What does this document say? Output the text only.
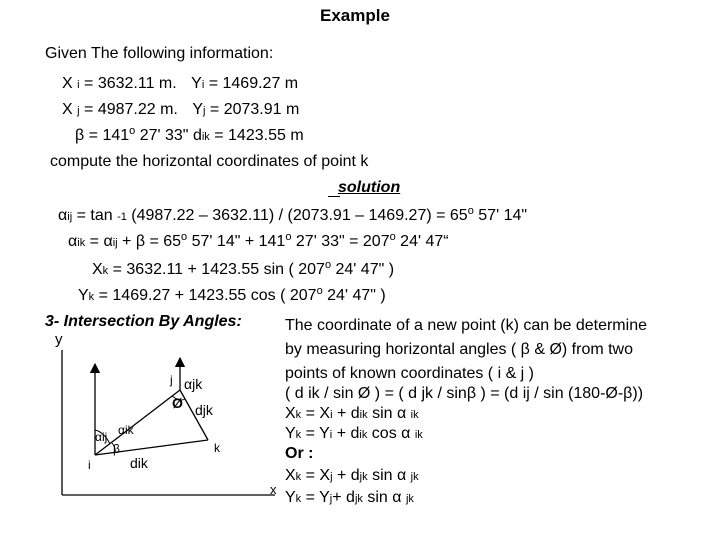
Example
Given The following information:
X i = 3632.11 m. Yi = 1469.27 m
X j = 4987.22 m. Yj = 2073.91 m
$\beta = 141^o$ 27' 33" dik = 1423.55 m
compute the horizontal coordinates of point k
solution
αij = tan -1 $(4987.22 - 3632.11) / (2073.91 - 1469.27) = 65^o$ 57' 14"
$\alpha ik = \alpha ij + \beta = 65^o$ 57' 14" + $141^o$ 27' 33" = $207^o$ 24' 47“
Xk = 3632.11 + 1423.55 sin ( 207$^o$ 24' 47" )
Yk = 1469.27 + 1423.55 cos ( 207$^o$ 24' 47" )
3- Intersection By Angles:	The coordinate of a new point (k) can be determine
by measuring horizontal angles ( β & Ø) from two
points of known coordinates ( i & j )
( d ik / sin Ø ) = ( d jk / sinβ ) = (d ij / sin (180-Ø-β))
Xk = Xi + dik sin α ik
Yk = Yi + dik cos α ik
Or :
Xk = Xj + djk sin α jk
Yk = Yj+ djk sin α jk
y
x
i
j
k
αjk
Ø djk
αik
αij
β
dik
